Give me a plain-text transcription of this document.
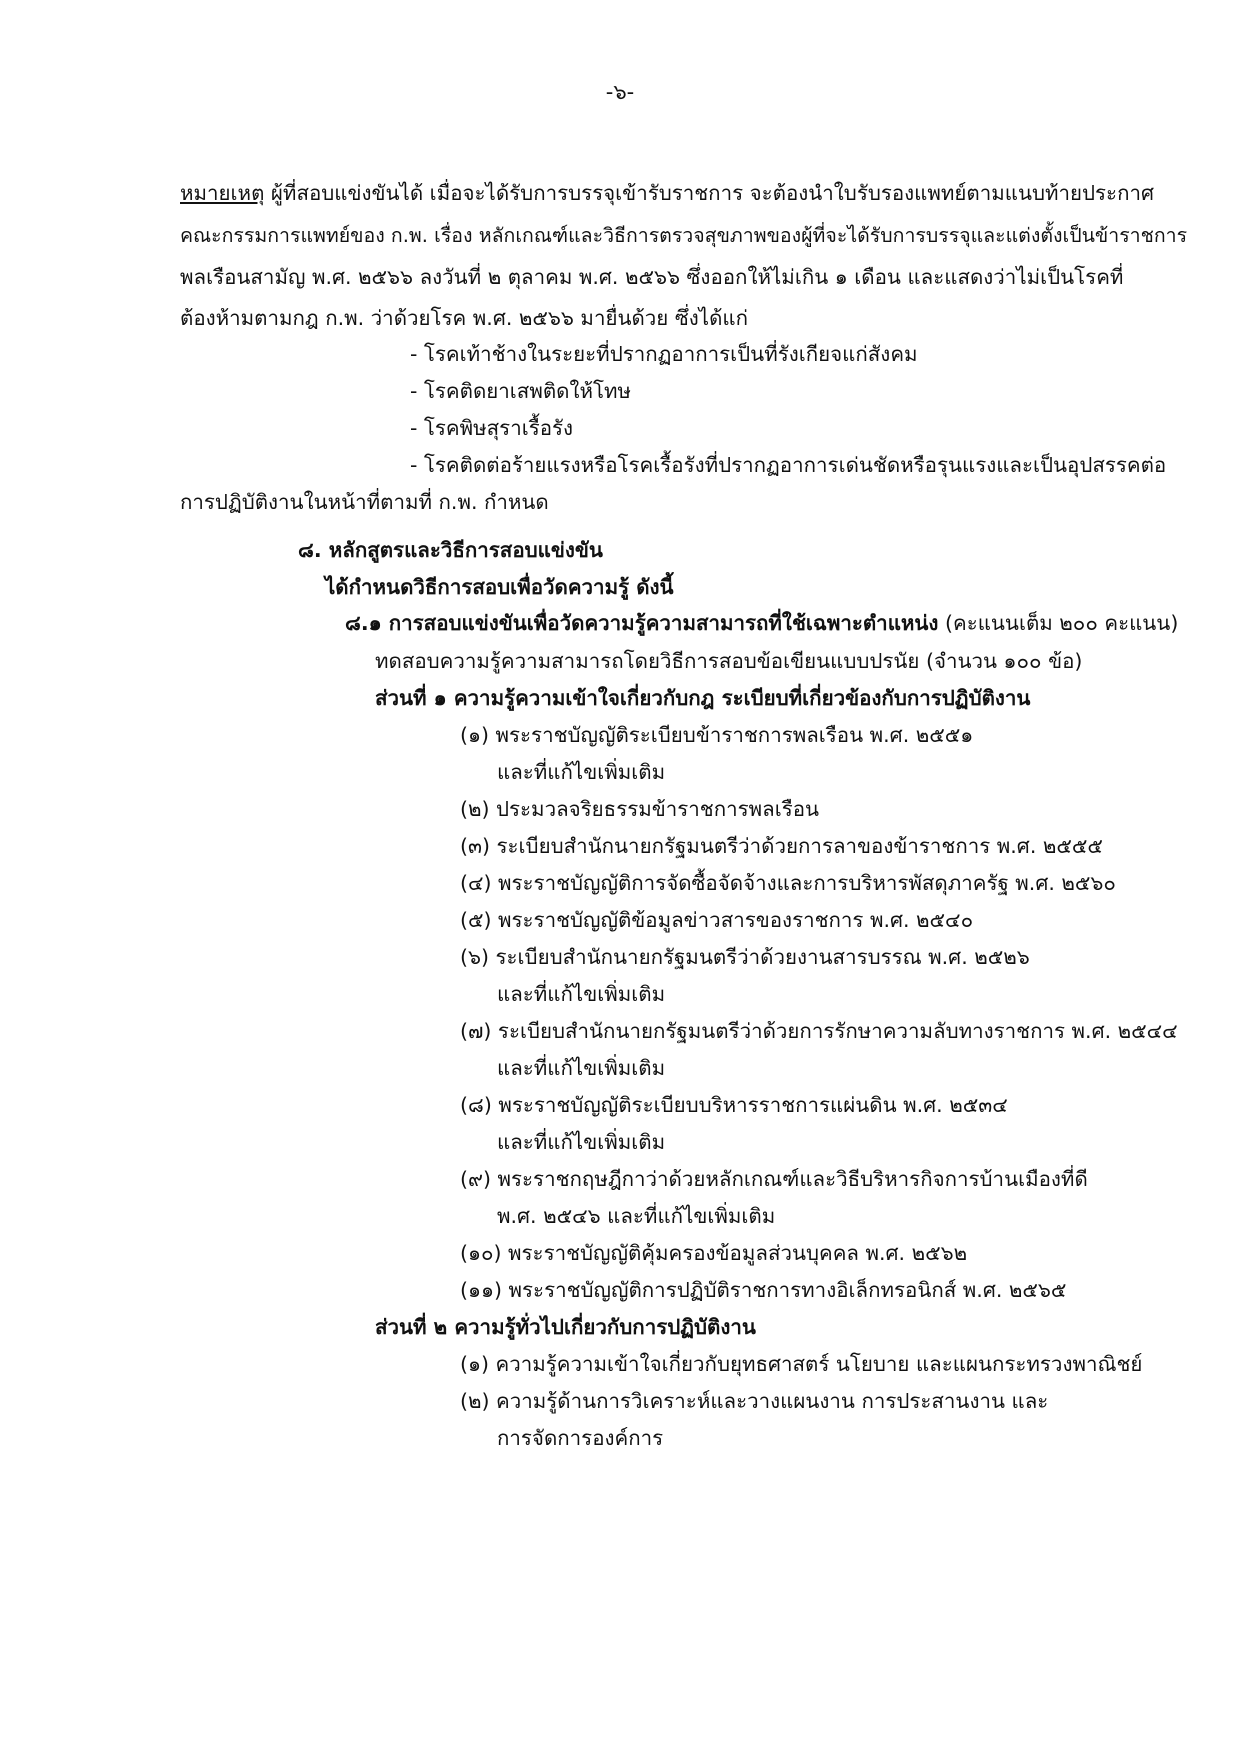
-๖-
หมายเหตุ ผู้ที่สอบแข่งขันได้ เมื่อจะได้รับการบรรจุเข้ารับราชการ จะต้องนำใบรับรองแพทย์ตามแนบท้ายประกาศ
คณะกรรมการแพทย์ของ ก.พ. เรื่อง หลักเกณฑ์และวิธีการตรวจสุขภาพของผู้ที่จะได้รับการบรรจุและแต่งตั้งเป็นข้าราชการ
พลเรือนสามัญ พ.ศ. ๒๕๖๖ ลงวันที่ ๒ ตุลาคม พ.ศ. ๒๕๖๖ ซึ่งออกให้ไม่เกิน ๑ เดือน และแสดงว่าไม่เป็นโรคที่
ต้องห้ามตามกฎ ก.พ. ว่าด้วยโรค พ.ศ. ๒๕๖๖ มายื่นด้วย ซึ่งได้แก่
- โรคเท้าช้างในระยะที่ปรากฏอาการเป็นที่รังเกียจแก่สังคม
- โรคติดยาเสพติดให้โทษ
- โรคพิษสุราเรื้อรัง
- โรคติดต่อร้ายแรงหรือโรคเรื้อรังที่ปรากฏอาการเด่นชัดหรือรุนแรงและเป็นอุปสรรคต่อ
การปฏิบัติงานในหน้าที่ตามที่ ก.พ. กำหนด
๘. หลักสูตรและวิธีการสอบแข่งขัน
ได้กำหนดวิธีการสอบเพื่อวัดความรู้ ดังนี้
๘.๑ การสอบแข่งขันเพื่อวัดความรู้ความสามารถที่ใช้เฉพาะตำแหน่ง (คะแนนเต็ม ๒๐๐ คะแนน)
ทดสอบความรู้ความสามารถโดยวิธีการสอบข้อเขียนแบบปรนัย (จำนวน ๑๐๐ ข้อ)
ส่วนที่ ๑ ความรู้ความเข้าใจเกี่ยวกับกฎ ระเบียบที่เกี่ยวข้องกับการปฏิบัติงาน
(๑) พระราชบัญญัติระเบียบข้าราชการพลเรือน พ.ศ. ๒๕๕๑
และที่แก้ไขเพิ่มเติม
(๒) ประมวลจริยธรรมข้าราชการพลเรือน
(๓) ระเบียบสำนักนายกรัฐมนตรีว่าด้วยการลาของข้าราชการ พ.ศ. ๒๕๕๕
(๔) พระราชบัญญัติการจัดซื้อจัดจ้างและการบริหารพัสดุภาครัฐ พ.ศ. ๒๕๖๐
(๕) พระราชบัญญัติข้อมูลข่าวสารของราชการ พ.ศ. ๒๕๔๐
(๖) ระเบียบสำนักนายกรัฐมนตรีว่าด้วยงานสารบรรณ พ.ศ. ๒๕๒๖
และที่แก้ไขเพิ่มเติม
(๗) ระเบียบสำนักนายกรัฐมนตรีว่าด้วยการรักษาความลับทางราชการ พ.ศ. ๒๕๔๔
และที่แก้ไขเพิ่มเติม
(๘) พระราชบัญญัติระเบียบบริหารราชการแผ่นดิน พ.ศ. ๒๕๓๔
และที่แก้ไขเพิ่มเติม
(๙) พระราชกฤษฎีกาว่าด้วยหลักเกณฑ์และวิธีบริหารกิจการบ้านเมืองที่ดี
พ.ศ. ๒๕๔๖ และที่แก้ไขเพิ่มเติม
(๑๐) พระราชบัญญัติคุ้มครองข้อมูลส่วนบุคคล พ.ศ. ๒๕๖๒
(๑๑) พระราชบัญญัติการปฏิบัติราชการทางอิเล็กทรอนิกส์ พ.ศ. ๒๕๖๕
ส่วนที่ ๒ ความรู้ทั่วไปเกี่ยวกับการปฏิบัติงาน
(๑) ความรู้ความเข้าใจเกี่ยวกับยุทธศาสตร์ นโยบาย และแผนกระทรวงพาณิชย์
(๒) ความรู้ด้านการวิเคราะห์และวางแผนงาน การประสานงาน และ
การจัดการองค์การ
